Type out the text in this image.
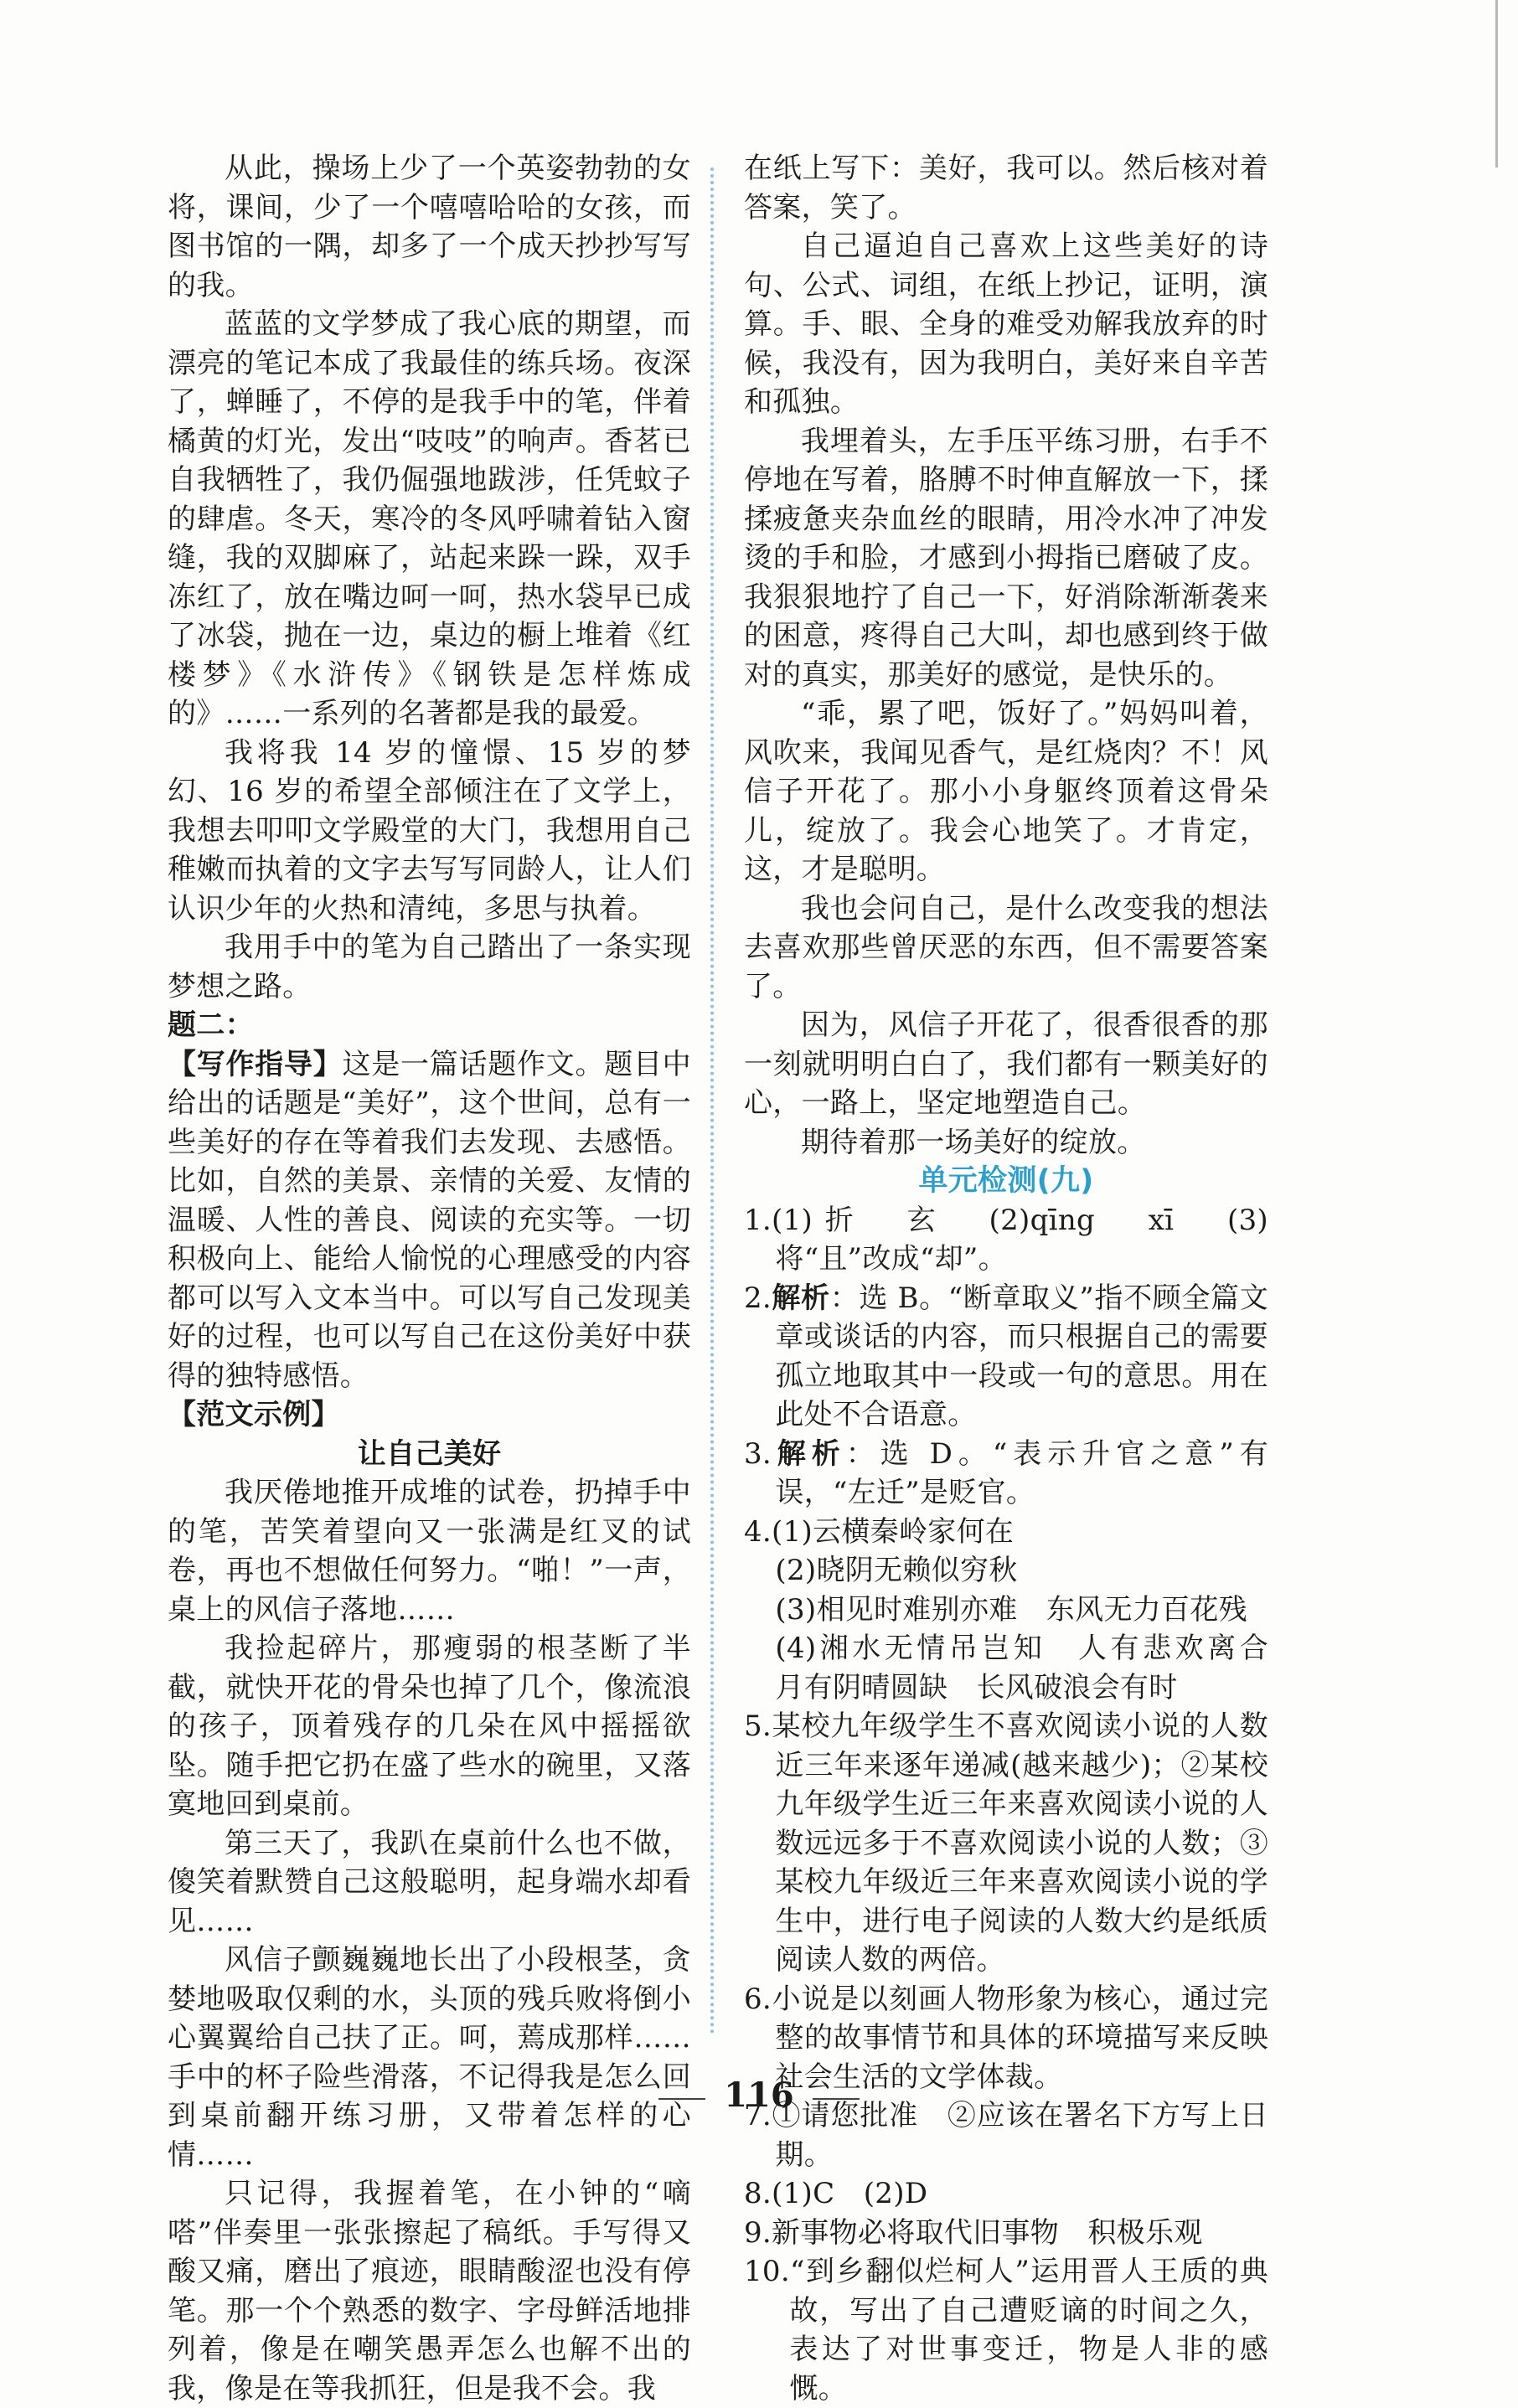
从此，操场上少了一个英姿勃勃的女将，课间，少了一个嘻嘻哈哈的女孩，而图书馆的一隅，却多了一个成天抄抄写写的我。

蓝蓝的文学梦成了我心底的期望，而漂亮的笔记本成了我最佳的练兵场。夜深了，蝉睡了，不停的是我手中的笔，伴着橘黄的灯光，发出“吱吱”的响声。香茗已自我牺牲了，我仍倔强地跋涉，任凭蚊子的肆虐。冬天，寒冷的冬风呼啸着钻入窗缝，我的双脚麻了，站起来跺一跺，双手冻红了，放在嘴边呵一呵，热水袋早已成了冰袋，抛在一边，桌边的橱上堆着《红楼梦》《水浒传》《钢铁是怎样炼成的》……一系列的名著都是我的最爱。

我将我 14 岁的憧憬、15 岁的梦幻、16 岁的希望全部倾注在了文学上，我想去叩叩文学殿堂的大门，我想用自己稚嫩而执着的文字去写写同龄人，让人们认识少年的火热和清纯，多思与执着。

我用手中的笔为自己踏出了一条实现梦想之路。

题二：

【写作指导】这是一篇话题作文。题目中给出的话题是“美好”，这个世间，总有一些美好的存在等着我们去发现、去感悟。比如，自然的美景、亲情的关爱、友情的温暖、人性的善良、阅读的充实等。一切积极向上、能给人愉悦的心理感受的内容都可以写入文本当中。可以写自己发现美好的过程，也可以写自己在这份美好中获得的独特感悟。

【范文示例】

让自己美好

我厌倦地推开成堆的试卷，扔掉手中的笔，苦笑着望向又一张满是红叉的试卷，再也不想做任何努力。“啪！”一声，桌上的风信子落地……

我捡起碎片，那瘦弱的根茎断了半截，就快开花的骨朵也掉了几个，像流浪的孩子，顶着残存的几朵在风中摇摇欲坠。随手把它扔在盛了些水的碗里，又落寞地回到桌前。

第三天了，我趴在桌前什么也不做，傻笑着默赞自己这般聪明，起身端水却看见……

风信子颤巍巍地长出了小段根茎，贪婪地吸取仅剩的水，头顶的残兵败将倒小心翼翼给自己扶了正。呵，蔫成那样……手中的杯子险些滑落，不记得我是怎么回到桌前翻开练习册，又带着怎样的心情……

只记得，我握着笔，在小钟的“嘀嗒”伴奏里一张张擦起了稿纸。手写得又酸又痛，磨出了痕迹，眼睛酸涩也没有停笔。那一个个熟悉的数字、字母鲜活地排列着，像是在嘲笑愚弄怎么也解不出的我，像是在等我抓狂，但是我不会。我

在纸上写下：美好，我可以。然后核对着答案，笑了。

自己逼迫自己喜欢上这些美好的诗句、公式、词组，在纸上抄记，证明，演算。手、眼、全身的难受劝解我放弃的时候，我没有，因为我明白，美好来自辛苦和孤独。

我埋着头，左手压平练习册，右手不停地在写着，胳膊不时伸直解放一下，揉揉疲惫夹杂血丝的眼睛，用冷水冲了冲发烫的手和脸，才感到小拇指已磨破了皮。我狠狠地拧了自己一下，好消除渐渐袭来的困意，疼得自己大叫，却也感到终于做对的真实，那美好的感觉，是快乐的。

“乖，累了吧，饭好了。”妈妈叫着，风吹来，我闻见香气，是红烧肉？不！风信子开花了。那小小身躯终顶着这骨朵儿，绽放了。我会心地笑了。才肯定，这，才是聪明。

我也会问自己，是什么改变我的想法去喜欢那些曾厌恶的东西，但不需要答案了。

因为，风信子开花了，很香很香的那一刻就明明白白了，我们都有一颗美好的心，一路上，坚定地塑造自己。

期待着那一场美好的绽放。

单元检测(九)

1.(1)折　玄　(2)qīng　xī　(3)将“且”改成“却”。

2.解析：选 B。“断章取义”指不顾全篇文章或谈话的内容，而只根据自己的需要孤立地取其中一段或一句的意思。用在此处不合语意。

3.解析：选 D。“表示升官之意”有误，“左迁”是贬官。

4.(1)云横秦岭家何在

(2)晓阴无赖似穷秋

(3)相见时难别亦难　东风无力百花残

(4)湘水无情吊岂知　人有悲欢离合　月有阴晴圆缺　长风破浪会有时

5.某校九年级学生不喜欢阅读小说的人数近三年来逐年递减(越来越少)；②某校九年级学生近三年来喜欢阅读小说的人数远远多于不喜欢阅读小说的人数；③某校九年级近三年来喜欢阅读小说的学生中，进行电子阅读的人数大约是纸质阅读人数的两倍。

6.小说是以刻画人物形象为核心，通过完整的故事情节和具体的环境描写来反映社会生活的文学体裁。

7.①请您批准　②应该在署名下方写上日期。

8.(1)C　(2)D

9.新事物必将取代旧事物　积极乐观

10.“到乡翻似烂柯人”运用晋人王质的典故，写出了自己遭贬谪的时间之久，表达了对世事变迁，物是人非的感慨。

116
